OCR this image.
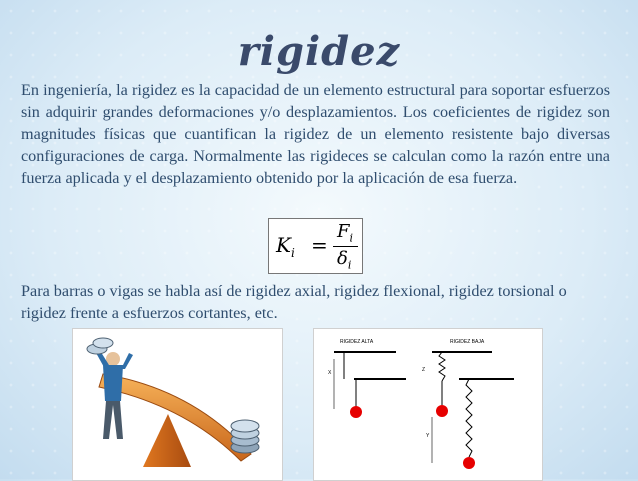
rigidez

En ingeniería, la rigidez es la capacidad de un elemento estructural para soportar esfuerzos sin adquirir grandes deformaciones y/o desplazamientos. Los coeficientes de rigidez son magnitudes físicas que cuantifican la rigidez de un elemento resistente bajo diversas configuraciones de carga. Normalmente las rigideces se calculan como la razón entre una fuerza aplicada y el desplazamiento obtenido por la aplicación de esa fuerza.

$K_i$ =
$F_i$
$\delta_i$

Para barras o vigas se habla así de rigidez axial, rigidez flexional, rigidez torsional o rigidez frente a esfuerzos cortantes, etc.

RIGIDEZ ALTA	RIGIDEZ BAJA
X	Z
Y
